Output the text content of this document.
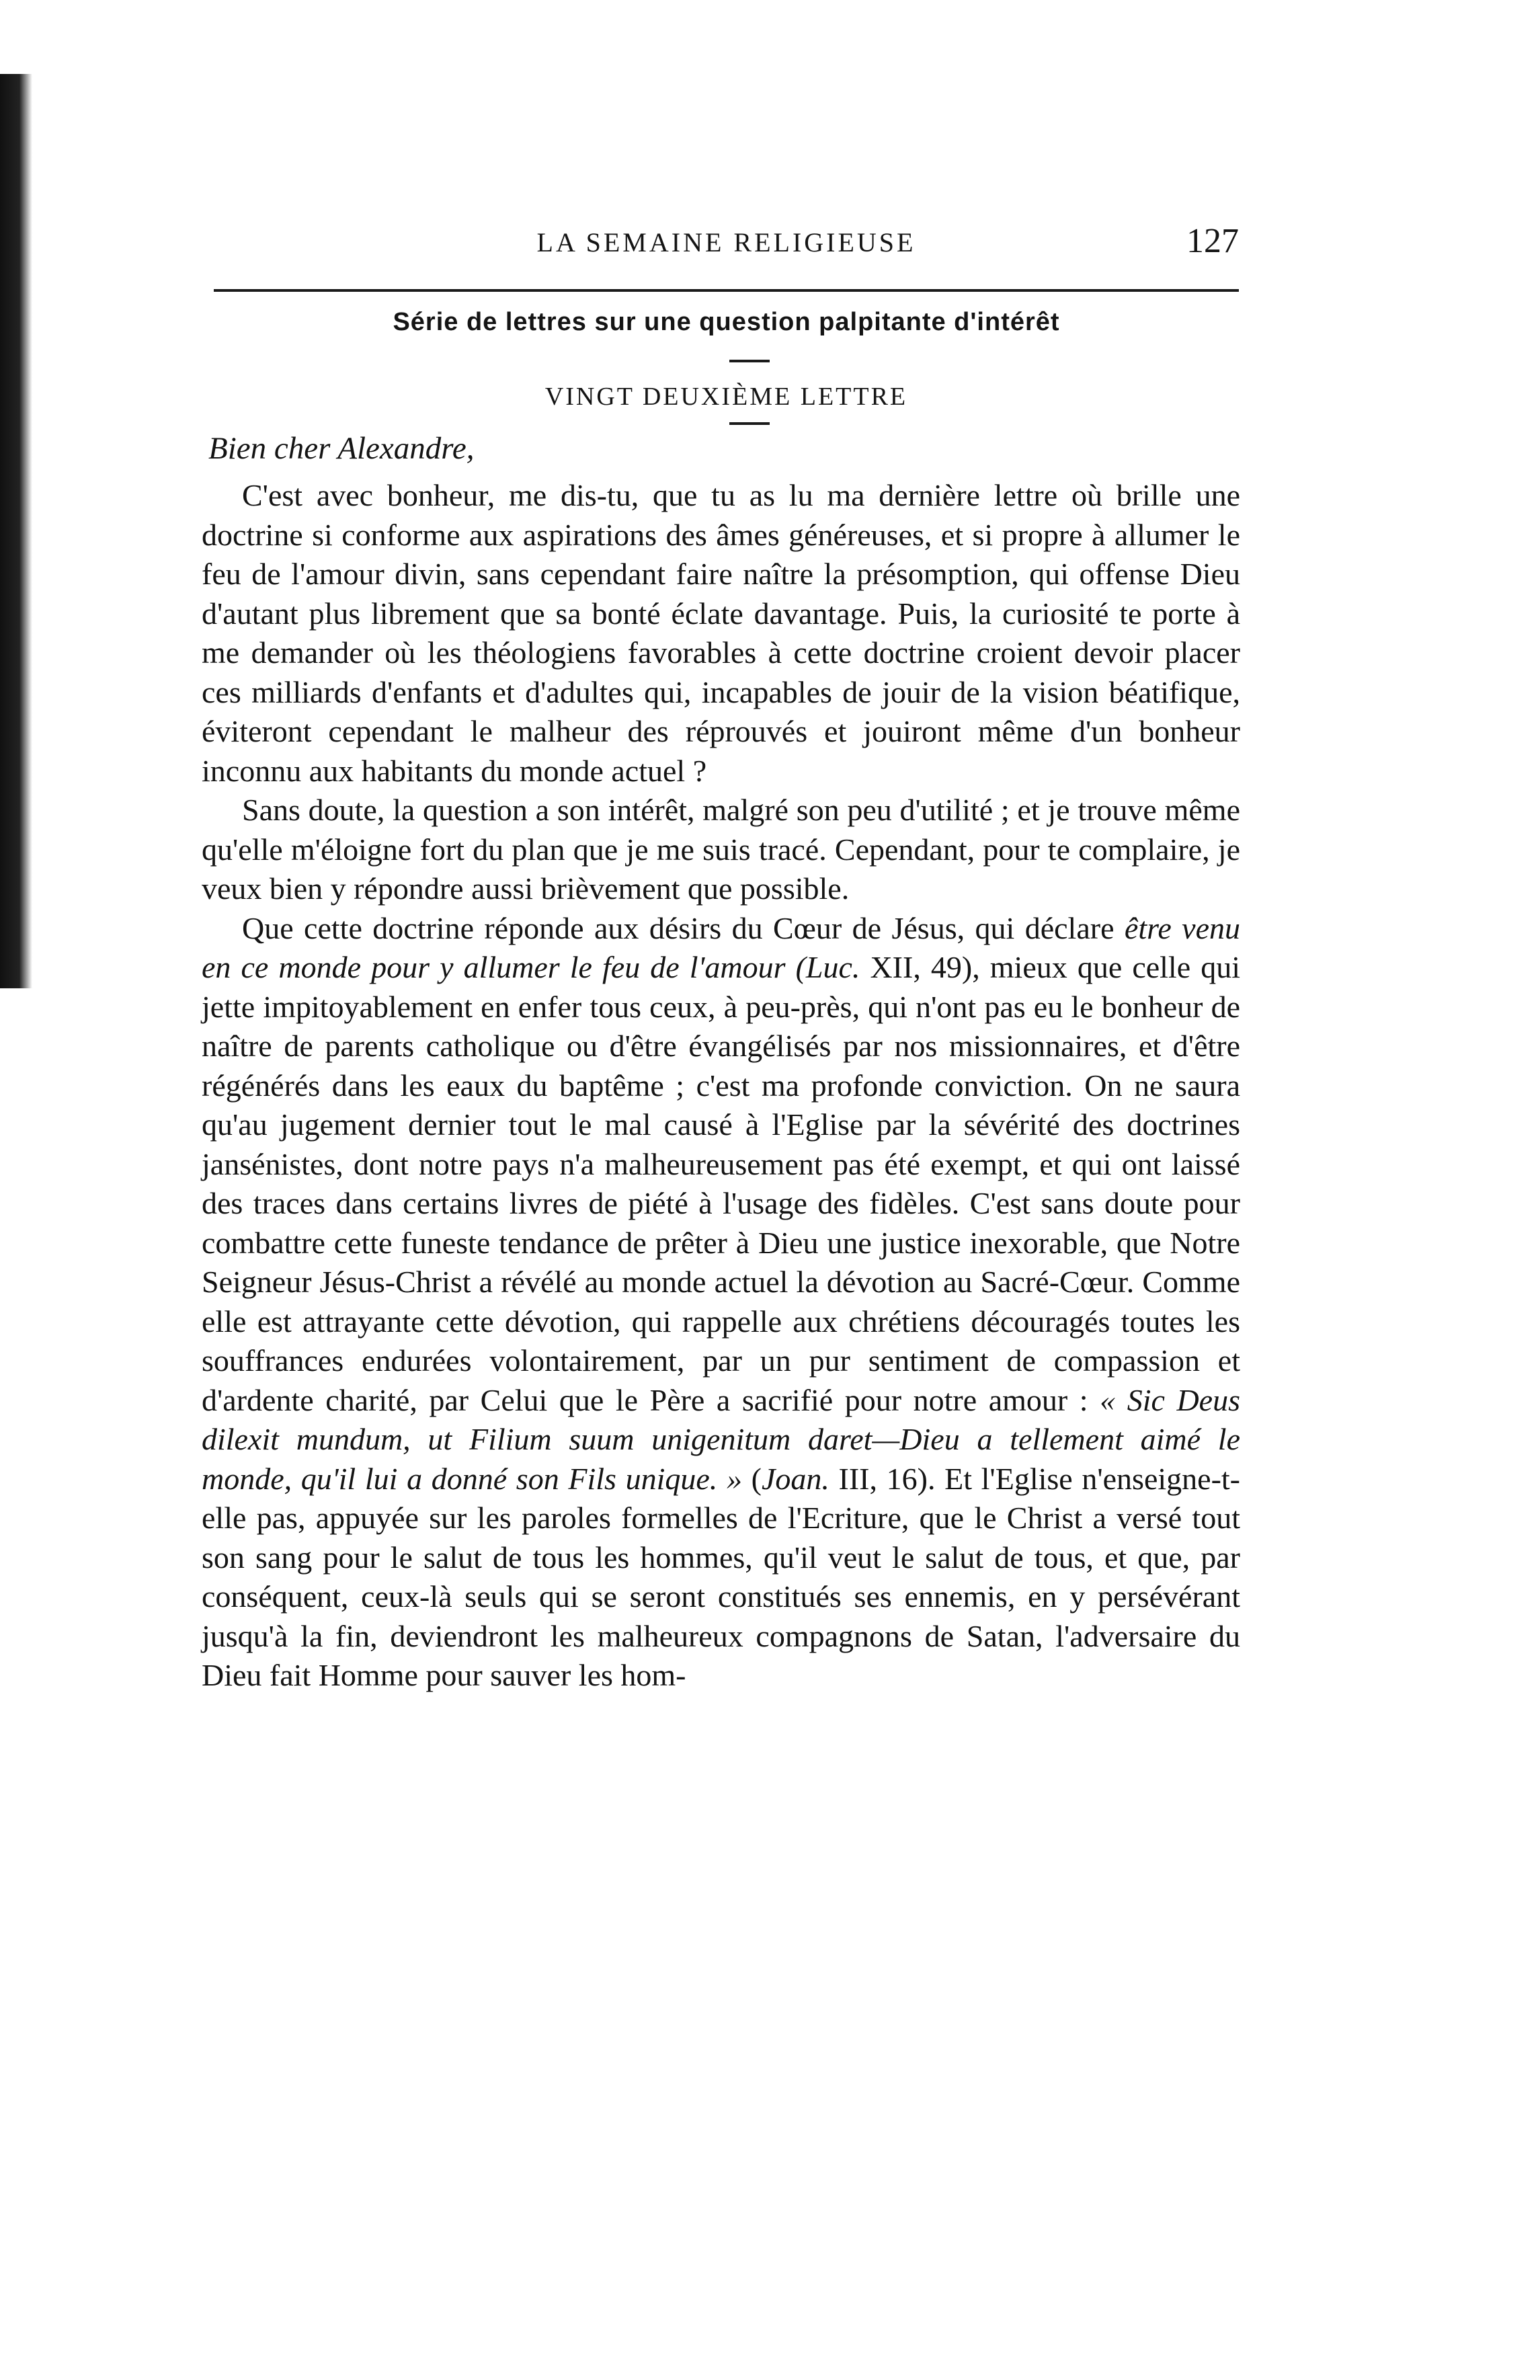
LA SEMAINE RELIGIEUSE	127
Série de lettres sur une question palpitante d'intérêt
VINGT DEUXIÈME LETTRE
Bien cher Alexandre,

C'est avec bonheur, me dis-tu, que tu as lu ma dernière lettre où brille une doctrine si conforme aux aspirations des âmes généreuses, et si propre à allumer le feu de l'amour divin, sans cependant faire naître la présomption, qui offense Dieu d'autant plus librement que sa bonté éclate davantage. Puis, la curiosité te porte à me demander où les théologiens favorables à cette doctrine croient devoir placer ces milliards d'enfants et d'adultes qui, incapables de jouir de la vision béatifique, éviteront cependant le malheur des réprouvés et jouiront même d'un bonheur inconnu aux habitants du monde actuel ?

Sans doute, la question a son intérêt, malgré son peu d'utilité ; et je trouve même qu'elle m'éloigne fort du plan que je me suis tracé. Cependant, pour te complaire, je veux bien y répondre aussi brièvement que possible.

Que cette doctrine réponde aux désirs du Cœur de Jésus, qui déclare être venu en ce monde pour y allumer le feu de l'amour (Luc. XII, 49), mieux que celle qui jette impitoyablement en enfer tous ceux, à peu-près, qui n'ont pas eu le bonheur de naître de parents catholique ou d'être évangélisés par nos missionnaires, et d'être régénérés dans les eaux du baptême ; c'est ma profonde conviction. On ne saura qu'au jugement dernier tout le mal causé à l'Eglise par la sévérité des doctrines jansénistes, dont notre pays n'a malheureusement pas été exempt, et qui ont laissé des traces dans certains livres de piété à l'usage des fidèles. C'est sans doute pour combattre cette funeste tendance de prêter à Dieu une justice inexorable, que Notre Seigneur Jésus-Christ a révélé au monde actuel la dévotion au Sacré-Cœur. Comme elle est attrayante cette dévotion, qui rappelle aux chrétiens découragés toutes les souffrances endurées volontairement, par un pur sentiment de compassion et d'ardente charité, par Celui que le Père a sacrifié pour notre amour : « Sic Deus dilexit mundum, ut Filium suum unigenitum daret—Dieu a tellement aimé le monde, qu'il lui a donné son Fils unique. » (Joan. III, 16). Et l'Eglise n'enseigne-t-elle pas, appuyée sur les paroles formelles de l'Ecriture, que le Christ a versé tout son sang pour le salut de tous les hommes, qu'il veut le salut de tous, et que, par conséquent, ceux-là seuls qui se seront constitués ses ennemis, en y persévérant jusqu'à la fin, deviendront les malheureux compagnons de Satan, l'adversaire du Dieu fait Homme pour sauver les hom-
